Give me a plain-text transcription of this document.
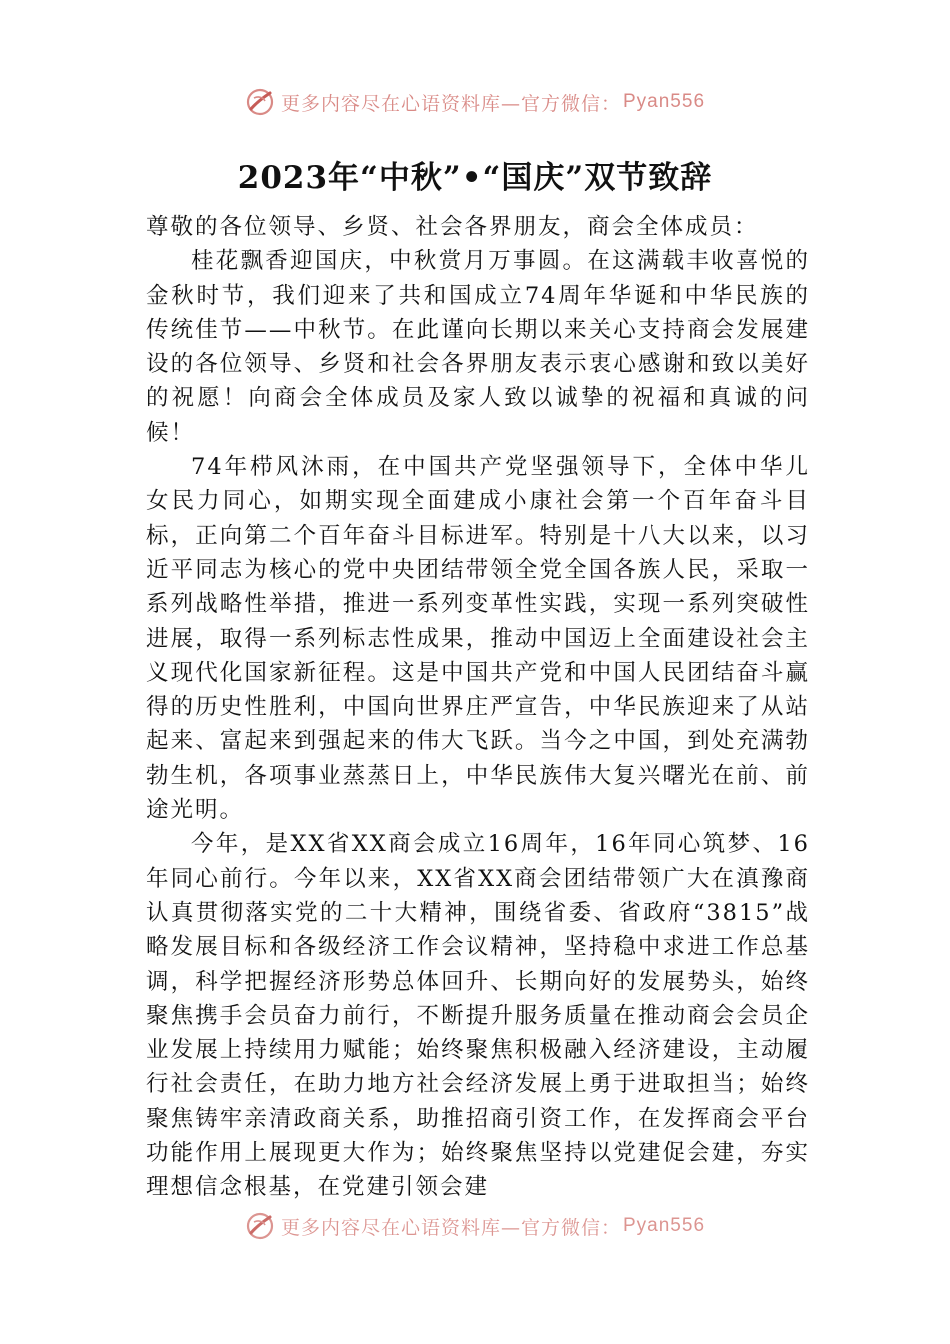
更多内容尽在心语资料库—官方微信： Pyan556
2023年“中秋”•“国庆”双节致辞

尊敬的各位领导、乡贤、社会各界朋友，商会全体成员：

桂花飘香迎国庆，中秋赏月万事圆。在这满载丰收喜悦的金秋时节，我们迎来了共和国成立74周年华诞和中华民族的传统佳节——中秋节。在此谨向长期以来关心支持商会发展建设的各位领导、乡贤和社会各界朋友表示衷心感谢和致以美好的祝愿！向商会全体成员及家人致以诚挚的祝福和真诚的问候！

74年栉风沐雨，在中国共产党坚强领导下，全体中华儿女民力同心，如期实现全面建成小康社会第一个百年奋斗目标，正向第二个百年奋斗目标进军。特别是十八大以来，以习近平同志为核心的党中央团结带领全党全国各族人民，采取一系列战略性举措，推进一系列变革性实践，实现一系列突破性进展，取得一系列标志性成果，推动中国迈上全面建设社会主义现代化国家新征程。这是中国共产党和中国人民团结奋斗赢得的历史性胜利，中国向世界庄严宣告，中华民族迎来了从站起来、富起来到强起来的伟大飞跃。当今之中国，到处充满勃勃生机，各项事业蒸蒸日上，中华民族伟大复兴曙光在前、前途光明。

今年，是XX省XX商会成立16周年，16年同心筑梦、16年同心前行。今年以来，XX省XX商会团结带领广大在滇豫商认真贯彻落实党的二十大精神，围绕省委、省政府“3815”战略发展目标和各级经济工作会议精神，坚持稳中求进工作总基调，科学把握经济形势总体回升、长期向好的发展势头，始终聚焦携手会员奋力前行，不断提升服务质量在推动商会会员企业发展上持续用力赋能；始终聚焦积极融入经济建设，主动履行社会责任，在助力地方社会经济发展上勇于进取担当；始终聚焦铸牢亲清政商关系，助推招商引资工作，在发挥商会平台功能作用上展现更大作为；始终聚焦坚持以党建促会建，夯实理想信念根基，在党建引领会建

更多内容尽在心语资料库—官方微信： Pyan556
